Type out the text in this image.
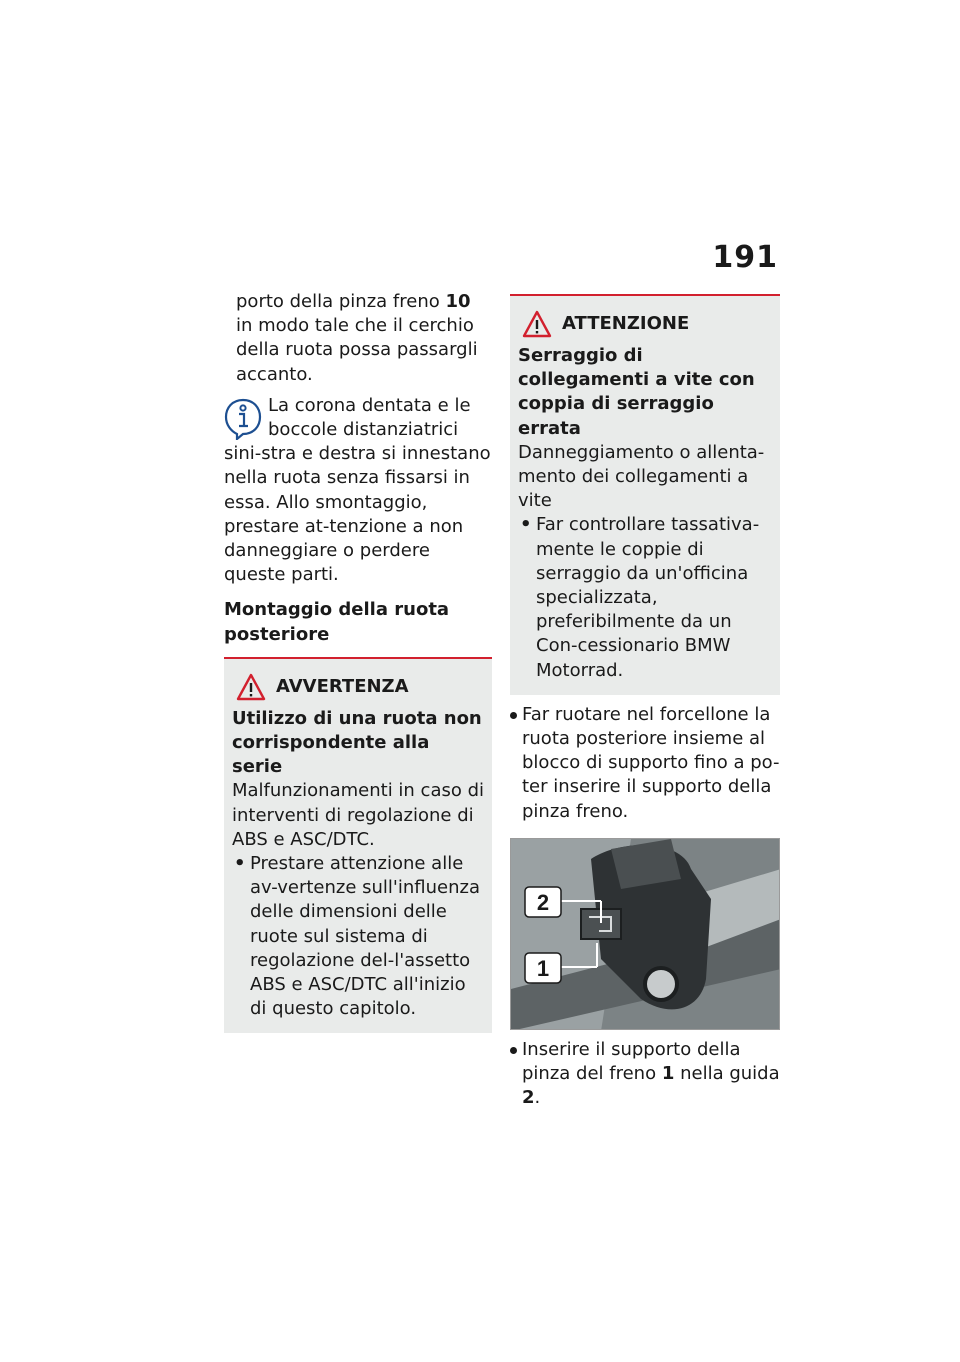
191

porto della pinza freno 10 in modo tale che il cerchio della ruota possa passargli accanto.

La corona dentata e le boccole distanziatrici sini-stra e destra si innestano nella ruota senza fissarsi in essa. Allo smontaggio, prestare at-tenzione a non danneggiare o perdere queste parti.

Montaggio della ruota posteriore

AVVERTENZA

Utilizzo di una ruota non corrispondente alla serie

Malfunzionamenti in caso di interventi di regolazione di ABS e ASC/DTC.

• Prestare attenzione alle av-vertenze sull'influenza delle dimensioni delle ruote sul sistema di regolazione del-l'assetto ABS e ASC/DTC all'inizio di questo capitolo.
ATTENZIONE

Serraggio di collegamenti a vite con coppia di serraggio errata

Danneggiamento o allenta-mento dei collegamenti a vite

• Far controllare tassativa-mente le coppie di serraggio da un'officina specializzata, preferibilmente da un Con-cessionario BMW Motorrad.
Far ruotare nel forcellone la ruota posteriore insieme al blocco di supporto fino a po-ter inserire il supporto della pinza freno.
2
1
Inserire il supporto della pinza del freno 1 nella guida 2.
